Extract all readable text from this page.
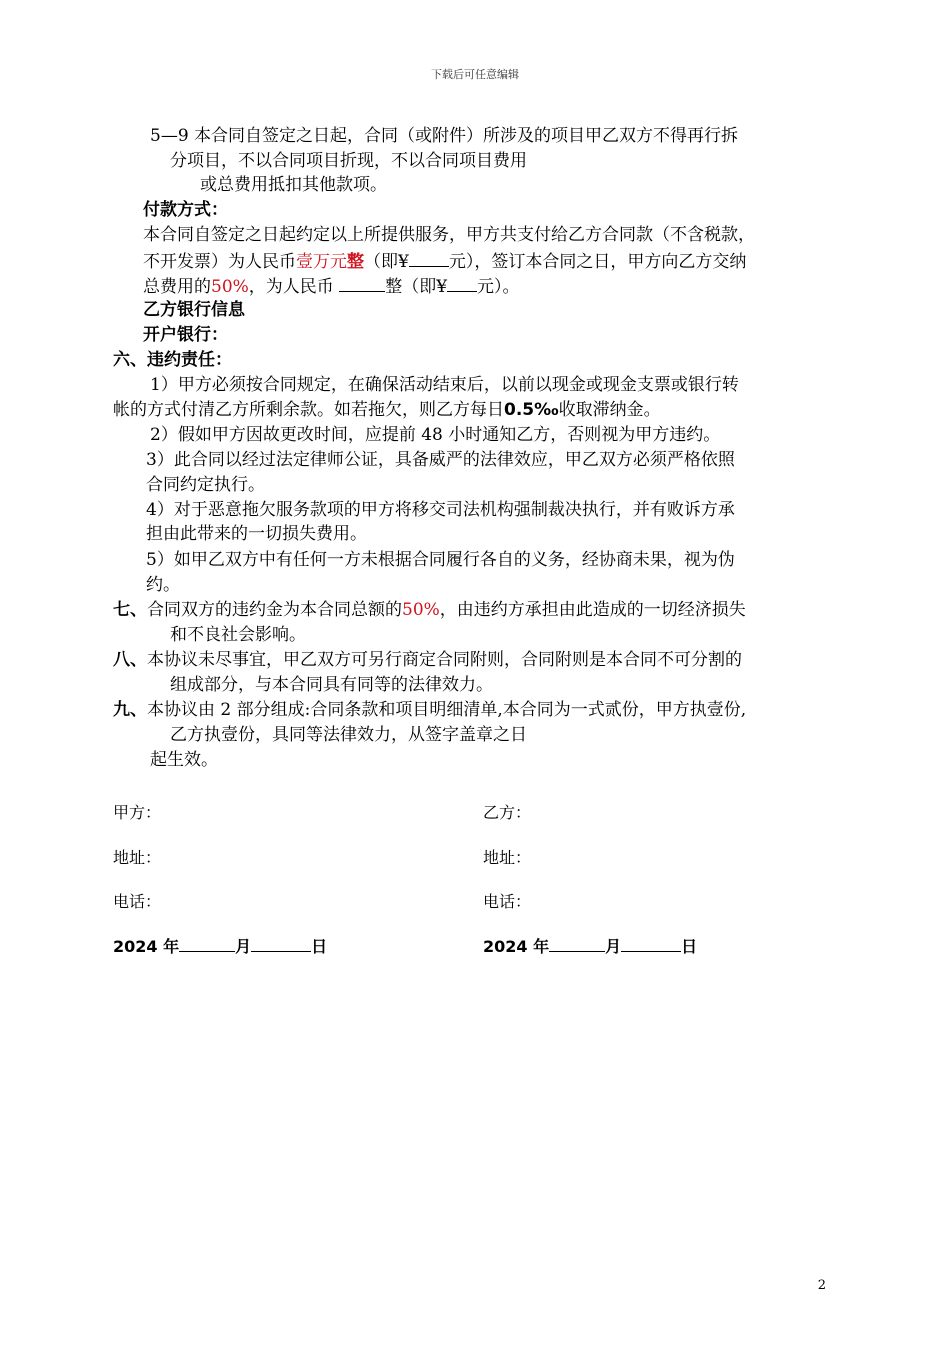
下载后可任意编辑
5—9 本合同自签定之日起，合同（或附件）所涉及的项目甲乙双方不得再行拆
分项目，不以合同项目折现，不以合同项目费用
或总费用抵扣其他款项。
付款方式：
本合同自签定之日起约定以上所提供服务，甲方共支付给乙方合同款（不含税款，
不开发票）为人民币壹万元整（即¥ 元），签订本合同之日，甲方向乙方交纳
总费用的50%，为人民币	整（即¥ 元）。
乙方银行信息
开户银行：
六、违约责任：
1）甲方必须按合同规定，在确保活动结束后，以前以现金或现金支票或银行转
帐的方式付清乙方所剩余款。如若拖欠，则乙方每日0.5‰收取滞纳金。
2）假如甲方因故更改时间，应提前 48 小时通知乙方，否则视为甲方违约。
3）此合同以经过法定律师公证，具备威严的法律效应，甲乙双方必须严格依照
合同约定执行。
4）对于恶意拖欠服务款项的甲方将移交司法机构强制裁决执行，并有败诉方承
担由此带来的一切损失费用。
5）如甲乙双方中有任何一方未根据合同履行各自的义务，经协商未果，视为伪
约。
七、合同双方的违约金为本合同总额的50%，由违约方承担由此造成的一切经济损失
和不良社会影响。
八、本协议未尽事宜，甲乙双方可另行商定合同附则，合同附则是本合同不可分割的
组成部分，与本合同具有同等的法律效力。
九、本协议由 2 部分组成:合同条款和项目明细清单,本合同为一式贰份，甲方执壹份,
乙方执壹份，具同等法律效力，从签字盖章之日
起生效。
甲方：	乙方：
地址：	地址：
电话：	电话：
2024 年	月	日	2024 年	月	日
2
